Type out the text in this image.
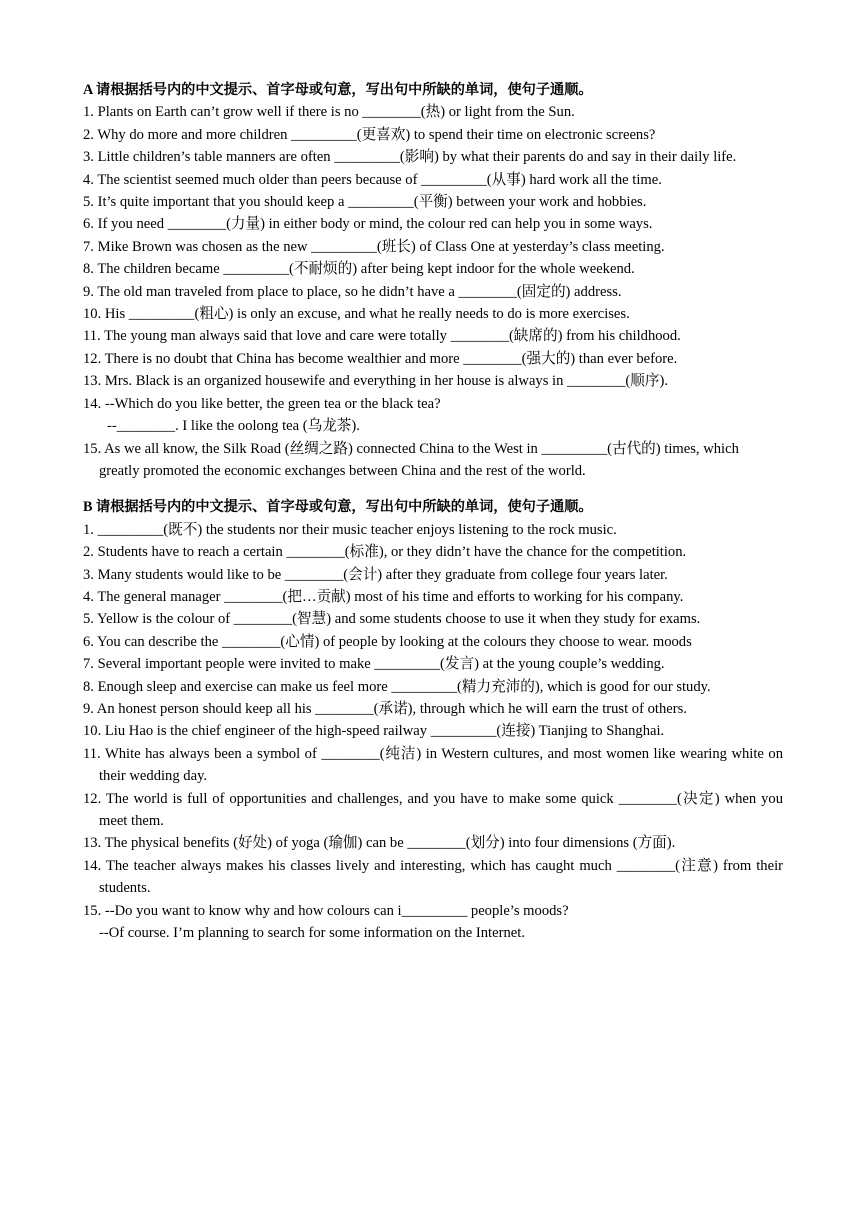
A 请根据括号内的中文提示、首字母或句意，写出句中所缺的单词，使句子通顺。
1. Plants on Earth can’t grow well if there is no ________(热) or light from the Sun.
2. Why do more and more children _________(更喜欢) to spend their time on electronic screens?
3. Little children’s table manners are often _________(影响) by what their parents do and say in their daily life.
4. The scientist seemed much older than peers because of _________(从事) hard work all the time.
5. It’s quite important that you should keep a _________(平衡) between your work and hobbies.
6. If you need ________(力量) in either body or mind, the colour red can help you in some ways.
7. Mike Brown was chosen as the new _________(班长) of Class One at yesterday’s class meeting.
8. The children became _________(不耐烦的) after being kept indoor for the whole weekend.
9. The old man traveled from place to place, so he didn’t have a ________(固定的) address.
10. His _________(粗心) is only an excuse, and what he really needs to do is more exercises.
11. The young man always said that love and care were totally ________(缺席的) from his childhood.
12. There is no doubt that China has become wealthier and more ________(强大的) than ever before.
13. Mrs. Black is an organized housewife and everything in her house is always in ________(顺序).
14. --Which do you like better, the green tea or the black tea?
--________. I like the oolong tea (乌龙茶).
15. As we all know, the Silk Road (丝绸之路) connected China to the West in _________(古代的) times, which greatly promoted the economic exchanges between China and the rest of the world.
B 请根据括号内的中文提示、首字母或句意，写出句中所缺的单词，使句子通顺。
1. _________(既不) the students nor their music teacher enjoys listening to the rock music.
2. Students have to reach a certain ________(标准), or they didn’t have the chance for the competition.
3. Many students would like to be ________(会计) after they graduate from college four years later.
4. The general manager ________(把…贡献) most of his time and efforts to working for his company.
5. Yellow is the colour of ________(智慧) and some students choose to use it when they study for exams.
6. You can describe the ________(心情) of people by looking at the colours they choose to wear. moods
7. Several important people were invited to make _________(发言) at the young couple’s wedding.
8. Enough sleep and exercise can make us feel more _________(精力充沛的), which is good for our study.
9. An honest person should keep all his ________(承诺), through which he will earn the trust of others.
10. Liu Hao is the chief engineer of the high-speed railway _________(连接) Tianjing to Shanghai.
11. White has always been a symbol of ________(纯洁) in Western cultures, and most women like wearing white on their wedding day.
12. The world is full of opportunities and challenges, and you have to make some quick ________(决定) when you meet them.
13. The physical benefits (好处) of yoga (瑜伽) can be ________(划分) into four dimensions (方面).
14. The teacher always makes his classes lively and interesting, which has caught much ________(注意) from their students.
15. --Do you want to know why and how colours can i_________ people’s moods?
--Of course. I’m planning to search for some information on the Internet.
